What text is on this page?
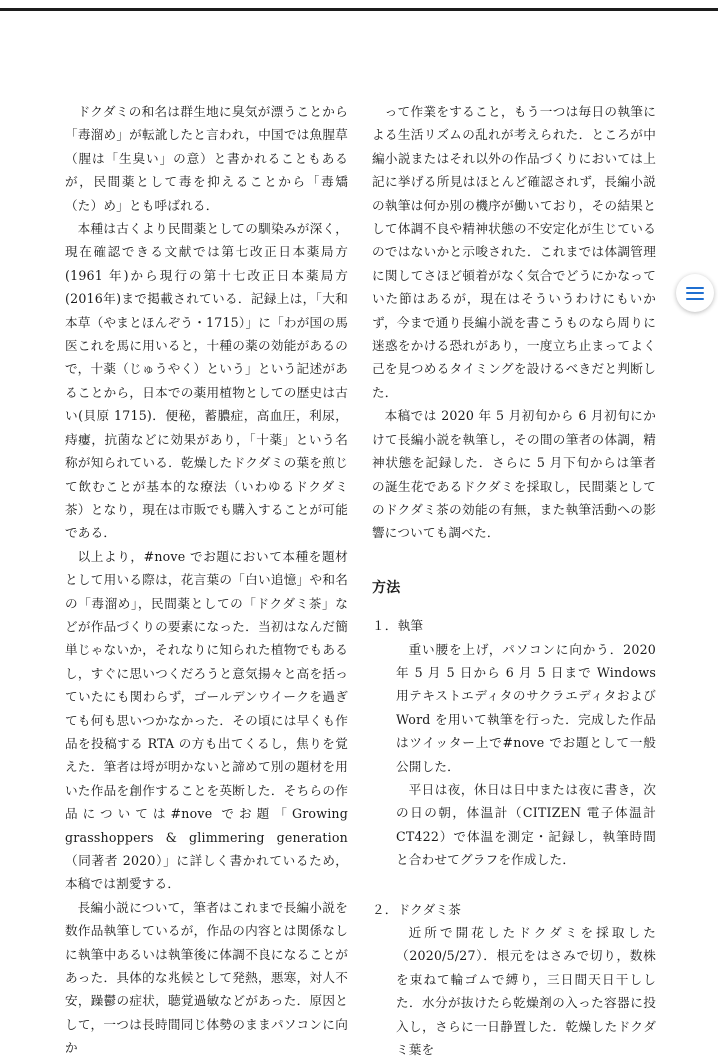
ドクダミの和名は群生地に臭気が漂うことから「毒溜め」が転訛したと言われ，中国では魚腥草（腥は「生臭い」の意）と書かれることもあるが，民間薬として毒を抑えることから「毒矯（た）め」とも呼ばれる．

本種は古くより民間薬としての馴染みが深く，現在確認できる文献では第七改正日本薬局方(1961 年)から現行の第十七改正日本薬局方(2016年)まで掲載されている．記録上は，「大和本草（やまとほんぞう・1715）」に「わが国の馬医これを馬に用いると，十種の薬の効能があるので，十薬（じゅうやく）という」という記述があることから，日本での薬用植物としての歴史は古い(貝原 1715)．便秘，蓄膿症，高血圧，利尿，痔瘻，抗菌などに効果があり，「十薬」という名称が知られている．乾燥したドクダミの葉を煎じて飲むことが基本的な療法（いわゆるドクダミ茶）となり，現在は市販でも購入することが可能である．

以上より，#nove でお題において本種を題材として用いる際は，花言葉の「白い追憶」や和名の「毒溜め」，民間薬としての「ドクダミ茶」などが作品づくりの要素になった．当初はなんだ簡単じゃないか，それなりに知られた植物でもあるし，すぐに思いつくだろうと意気揚々と高を括っていたにも関わらず，ゴールデンウイークを過ぎても何も思いつかなかった．その頃には早くも作品を投稿する RTA の方も出てくるし，焦りを覚えた．筆者は埒が明かないと諦めて別の題材を用いた作品を創作することを英断した．そちらの作品については#nove でお題「Growing grasshoppers & glimmering generation（同著者 2020）」に詳しく書かれているため，本稿では割愛する．

長編小説について，筆者はこれまで長編小説を数作品執筆しているが，作品の内容とは関係なしに執筆中あるいは執筆後に体調不良になることがあった．具体的な兆候として発熱，悪寒，対人不安，躁鬱の症状，聴覚過敏などがあった．原因として，一つは長時間同じ体勢のままパソコンに向か

って作業をすること，もう一つは毎日の執筆による生活リズムの乱れが考えられた．ところが中編小説またはそれ以外の作品づくりにおいては上記に挙げる所見はほとんど確認されず，長編小説の執筆は何か別の機序が働いており，その結果として体調不良や精神状態の不安定化が生じているのではないかと示唆された．これまでは体調管理に関してさほど頓着がなく気合でどうにかなっていた節はあるが，現在はそういうわけにもいかず，今まで通り長編小説を書こうものなら周りに迷惑をかける恐れがあり，一度立ち止まってよく己を見つめるタイミングを設けるべきだと判断した．

本稿では 2020 年 5 月初旬から 6 月初旬にかけて長編小説を執筆し，その間の筆者の体調，精神状態を記録した．さらに 5 月下旬からは筆者の誕生花であるドクダミを採取し，民間薬としてのドクダミ茶の効能の有無，また執筆活動への影響についても調べた．

方法
１．執筆

重い腰を上げ，パソコンに向かう．2020 年 5 月 5 日から 6 月 5 日まで Windows 用テキストエディタのサクラエディタおよび Word を用いて執筆を行った．完成した作品はツイッター上で#nove でお題として一般公開した．

平日は夜，休日は日中または夜に書き，次の日の朝，体温計（CITIZEN 電子体温計 CT422）で体温を測定・記録し，執筆時間と合わせてグラフを作成した．

２．ドクダミ茶

近所で開花したドクダミを採取した（2020/5/27）．根元をはさみで切り，数株を束ねて輪ゴムで縛り，三日間天日干しした．水分が抜けたら乾燥剤の入った容器に投入し，さらに一日静置した．乾燥したドクダミ葉を
